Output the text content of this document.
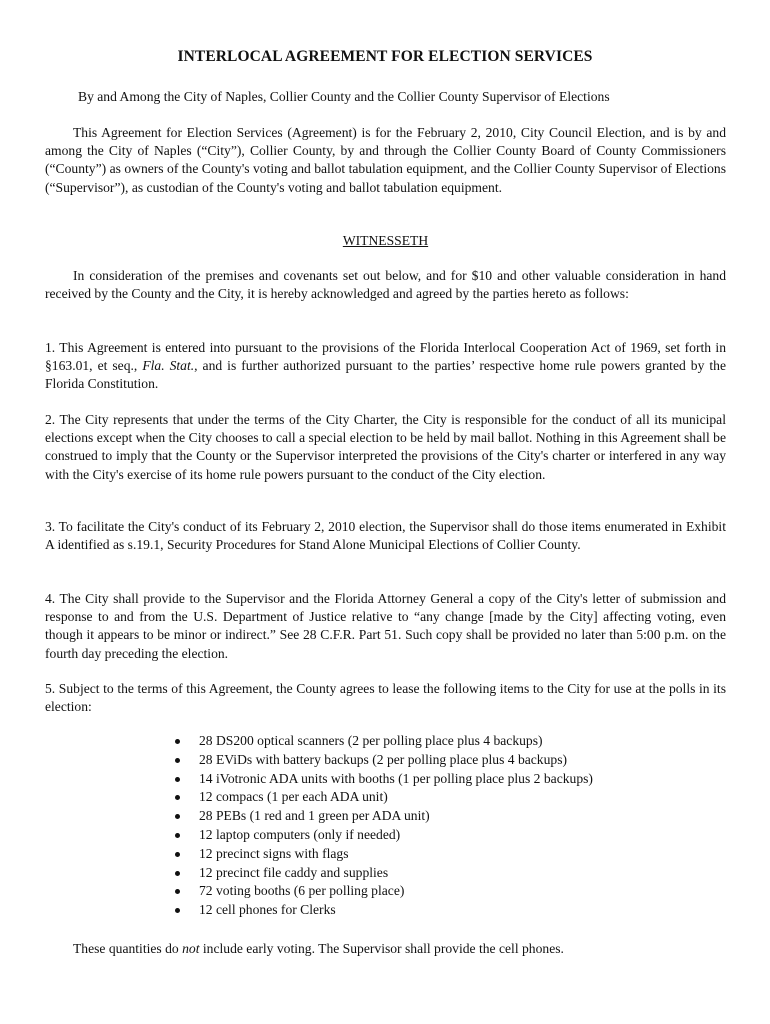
INTERLOCAL AGREEMENT FOR ELECTION SERVICES
By and Among the City of Naples, Collier County and the Collier County Supervisor of Elections

This Agreement for Election Services (Agreement) is for the February 2, 2010, City Council Election, and is by and among the City of Naples (“City”), Collier County, by and through the Collier County Board of County Commissioners (“County”) as owners of the County's voting and ballot tabulation equipment, and the Collier County Supervisor of Elections (“Supervisor”), as custodian of the County's voting and ballot tabulation equipment.

WITNESSETH

In consideration of the premises and covenants set out below, and for $10 and other valuable consideration in hand received by the County and the City, it is hereby acknowledged and agreed by the parties hereto as follows:

1. This Agreement is entered into pursuant to the provisions of the Florida Interlocal Cooperation Act of 1969, set forth in §163.01, et seq., Fla. Stat., and is further authorized pursuant to the parties’ respective home rule powers granted by the Florida Constitution.

2. The City represents that under the terms of the City Charter, the City is responsible for the conduct of all its municipal elections except when the City chooses to call a special election to be held by mail ballot. Nothing in this Agreement shall be construed to imply that the County or the Supervisor interpreted the provisions of the City's charter or interfered in any way with the City's exercise of its home rule powers pursuant to the conduct of the City election.

3. To facilitate the City's conduct of its February 2, 2010 election, the Supervisor shall do those items enumerated in Exhibit A identified as s.19.1, Security Procedures for Stand Alone Municipal Elections of Collier County.

4. The City shall provide to the Supervisor and the Florida Attorney General a copy of the City's letter of submission and response to and from the U.S. Department of Justice relative to “any change [made by the City] affecting voting, even though it appears to be minor or indirect.” See 28 C.F.R. Part 51. Such copy shall be provided no later than 5:00 p.m. on the fourth day preceding the election.

5. Subject to the terms of this Agreement, the County agrees to lease the following items to the City for use at the polls in its election:

28 DS200 optical scanners (2 per polling place plus 4 backups)
28 EViDs with battery backups (2 per polling place plus 4 backups)
14 iVotronic ADA units with booths (1 per polling place plus 2 backups)
12 compacs (1 per each ADA unit)
28 PEBs (1 red and 1 green per ADA unit)
12 laptop computers (only if needed)
12 precinct signs with flags
12 precinct file caddy and supplies
72 voting booths (6 per polling place)
12 cell phones for Clerks

These quantities do not include early voting. The Supervisor shall provide the cell phones.
